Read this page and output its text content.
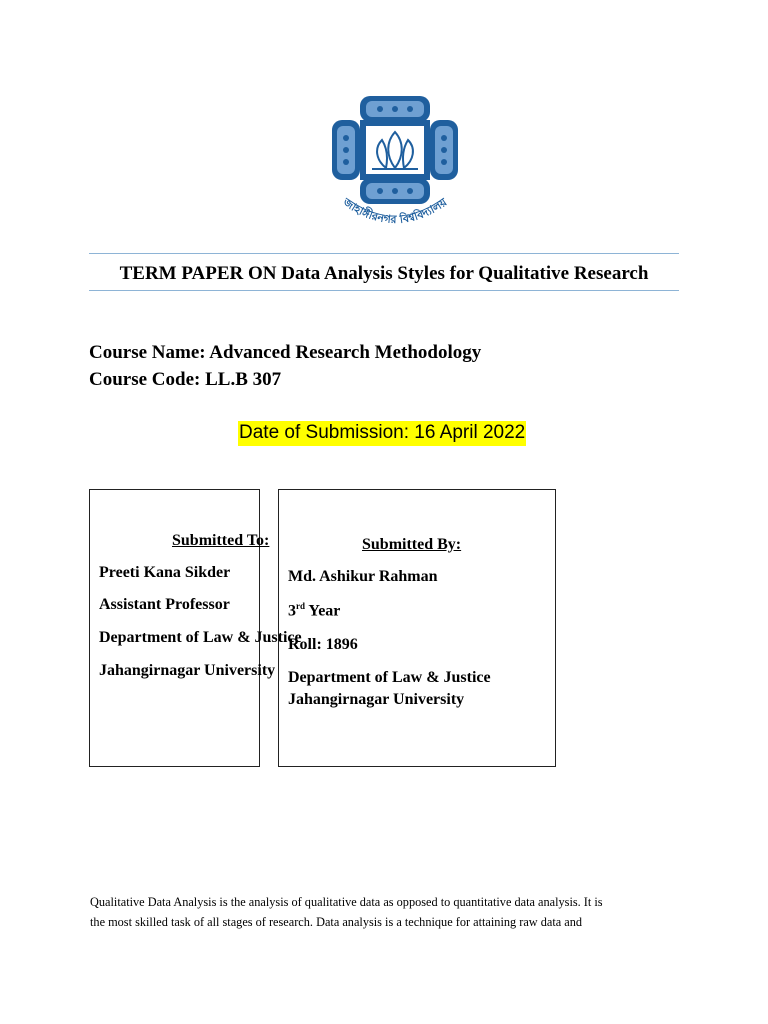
জাহাঙ্গীরনগর বিশ্ববিদ্যালয়
TERM PAPER ON Data Analysis Styles for Qualitative Research
Course Name: Advanced Research Methodology
Course Code: LL.B 307
Date of Submission: 16 April 2022
Submitted To:
Preeti Kana Sikder
Assistant Professor
Department of Law & Justice
Jahangirnagar University
Submitted By:
Md. Ashikur Rahman
3rd Year
Roll: 1896
Department of Law & Justice
Jahangirnagar University
Qualitative Data Analysis is the analysis of qualitative data as opposed to quantitative data analysis. It is
the most skilled task of all stages of research. Data analysis is a technique for attaining raw data and
